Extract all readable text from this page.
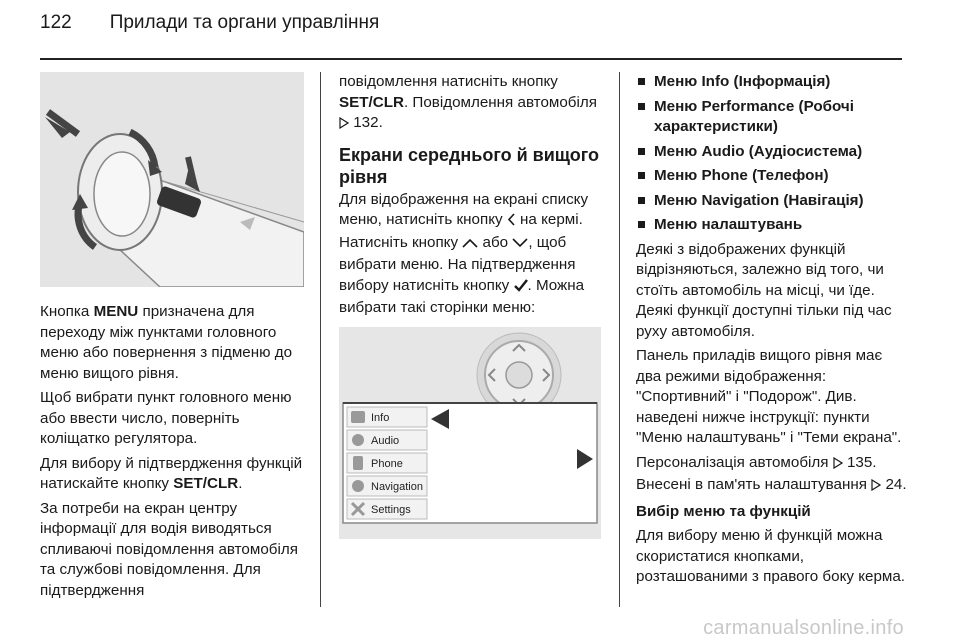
122 Прилади та органи управління

Кнопка MENU призначена для переходу між пунктами головного меню або повернення з підменю до меню вищого рівня.

Щоб вибрати пункт головного меню або ввести число, поверніть коліщатко регулятора.

Для вибору й підтвердження функцій натискайте кнопку SET/CLR.

За потреби на екран центру інформації для водія виводяться спливаючі повідомлення автомобіля та службові повідомлення. Для підтвердження

повідомлення натисніть кнопку SET/CLR. Повідомлення автомобіля  132.

Екрани середнього й вищого рівня

Для відображення на екрані списку меню, натисніть кнопку  на кермі. Натисніть кнопку  або , щоб вибрати меню. На підтвердження вибору натисніть кнопку . Можна вибрати такі сторінки меню:

Info
Audio
Phone
Navigation
Settings
Меню Info (Інформація)
Меню Performance (Робочі характеристики)
Меню Audio (Аудіосистема)
Меню Phone (Телефон)
Меню Navigation (Навігація)
Меню налаштувань

Деякі з відображених функцій відрізняються, залежно від того, чи стоїть автомобіль на місці, чи їде. Деякі функції доступні тільки під час руху автомобіля.

Панель приладів вищого рівня має два режими відображення: "Спортивний" і "Подорож". Див. наведені нижче інструкції: пункти "Меню налаштувань" і "Теми екрана".

Персоналізація автомобіля  135. Внесені в пам'ять налаштування  24.

Вибір меню та функцій

Для вибору меню й функцій можна скористатися кнопками, розташованими з правого боку керма.

carmanualsonline.info
